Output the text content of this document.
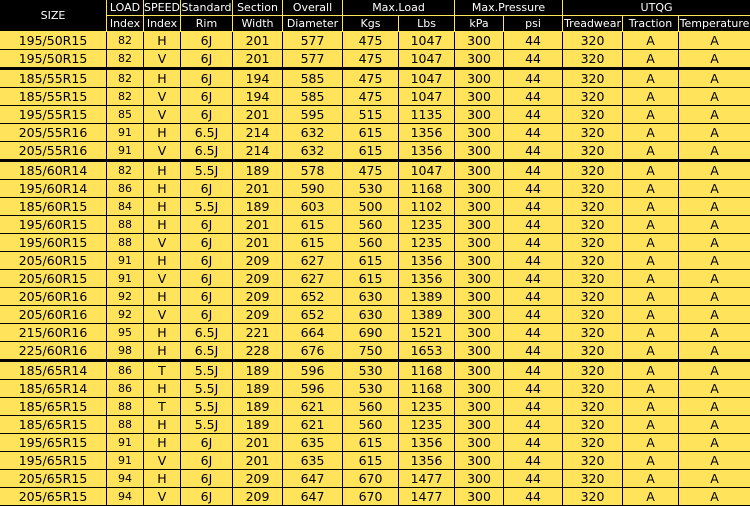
SIZE	LOAD	SPEED	Standard	Section	Overall	Max.Load		Max.Pressure		UTQG		
	Index	Index	Rim	Width	Diameter	Kgs	Lbs	kPa	psi	Treadwear	Traction	Temperature
195/50R15	82	H	6J	201	577	475	1047	300	44	320	A	A
195/50R15	82	V	6J	201	577	475	1047	300	44	320	A	A
185/55R15	82	H	6J	194	585	475	1047	300	44	320	A	A
185/55R15	82	V	6J	194	585	475	1047	300	44	320	A	A
195/55R15	85	V	6J	201	595	515	1135	300	44	320	A	A
205/55R16	91	H	6.5J	214	632	615	1356	300	44	320	A	A
205/55R16	91	V	6.5J	214	632	615	1356	300	44	320	A	A
185/60R14	82	H	5.5J	189	578	475	1047	300	44	320	A	A
195/60R14	86	H	6J	201	590	530	1168	300	44	320	A	A
185/60R15	84	H	5.5J	189	603	500	1102	300	44	320	A	A
195/60R15	88	H	6J	201	615	560	1235	300	44	320	A	A
195/60R15	88	V	6J	201	615	560	1235	300	44	320	A	A
205/60R15	91	H	6J	209	627	615	1356	300	44	320	A	A
205/60R15	91	V	6J	209	627	615	1356	300	44	320	A	A
205/60R16	92	H	6J	209	652	630	1389	300	44	320	A	A
205/60R16	92	V	6J	209	652	630	1389	300	44	320	A	A
215/60R16	95	H	6.5J	221	664	690	1521	300	44	320	A	A
225/60R16	98	H	6.5J	228	676	750	1653	300	44	320	A	A
185/65R14	86	T	5.5J	189	596	530	1168	300	44	320	A	A
185/65R14	86	H	5.5J	189	596	530	1168	300	44	320	A	A
185/65R15	88	T	5.5J	189	621	560	1235	300	44	320	A	A
185/65R15	88	H	5.5J	189	621	560	1235	300	44	320	A	A
195/65R15	91	H	6J	201	635	615	1356	300	44	320	A	A
195/65R15	91	V	6J	201	635	615	1356	300	44	320	A	A
205/65R15	94	H	6J	209	647	670	1477	300	44	320	A	A
205/65R15	94	V	6J	209	647	670	1477	300	44	320	A	A
